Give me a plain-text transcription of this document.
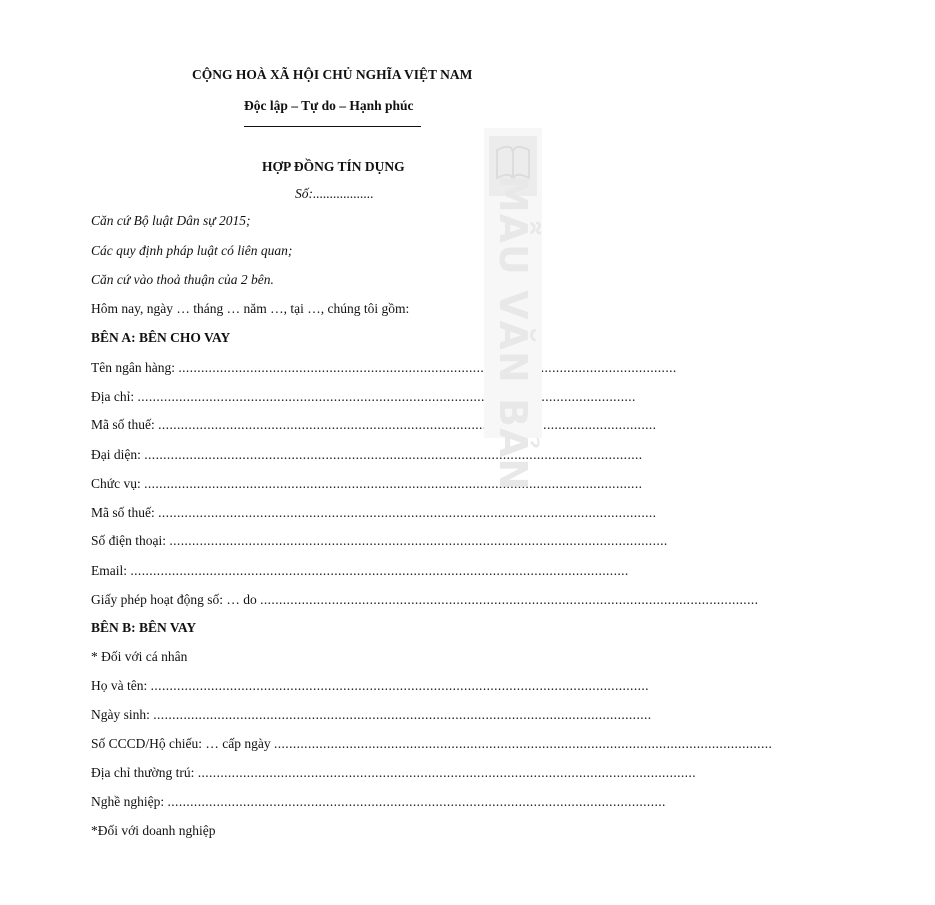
CỘNG HOÀ XÃ HỘI CHỦ NGHĨA VIỆT NAM
Độc lập – Tự do – Hạnh phúc
HỢP ĐỒNG TÍN DỤNG
Số:..................
Căn cứ Bộ luật Dân sự 2015;
Các quy định pháp luật có liên quan;
Căn cứ vào thoả thuận của 2 bên.
Hôm nay, ngày … tháng … năm …, tại …, chúng tôi gồm:
BÊN A: BÊN CHO VAY
Tên ngân hàng: .....
Địa chỉ: .....
Mã số thuế: .....
Đại diện: .....
Chức vụ: .....
Mã số thuế: .....
Số điện thoại: .....
Email: .....
Giấy phép hoạt động số: … do .....
BÊN B: BÊN VAY
* Đối với cá nhân
Họ và tên: .....
Ngày sinh: .....
Số CCCD/Hộ chiếu: … cấp ngày .....
Địa chỉ thường trú: .....
Nghề nghiệp: .....
*Đối với doanh nghiệp
MẪU VĂN BẢN
